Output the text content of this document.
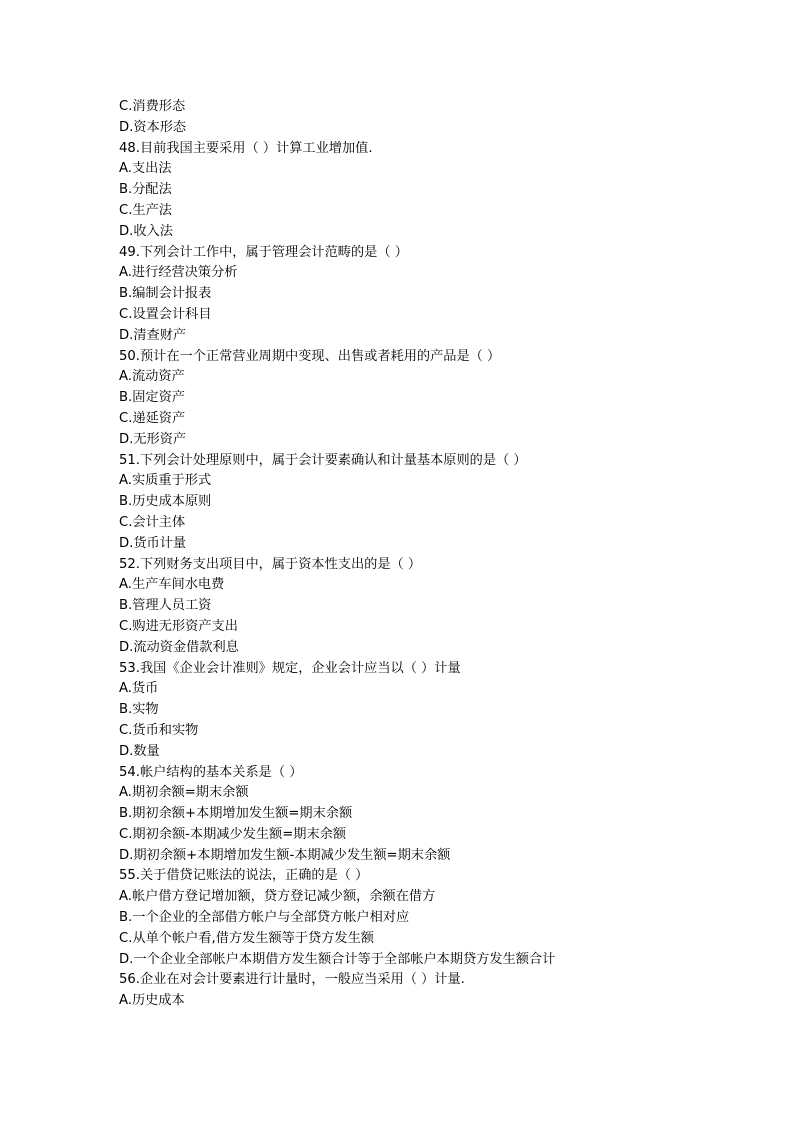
C.消费形态
D.资本形态
48.目前我国主要采用（ ）计算工业增加值.
A.支出法
B.分配法
C.生产法
D.收入法
49.下列会计工作中，属于管理会计范畴的是（ ）
A.进行经营决策分析
B.编制会计报表
C.设置会计科目
D.清查财产
50.预计在一个正常营业周期中变现、出售或者耗用的产品是（ ）
A.流动资产
B.固定资产
C.递延资产
D.无形资产
51.下列会计处理原则中，属于会计要素确认和计量基本原则的是（ ）
A.实质重于形式
B.历史成本原则
C.会计主体
D.货币计量
52.下列财务支出项目中，属于资本性支出的是（ ）
A.生产车间水电费
B.管理人员工资
C.购进无形资产支出
D.流动资金借款利息
53.我国《企业会计准则》规定，企业会计应当以（ ）计量
A.货币
B.实物
C.货币和实物
D.数量
54.帐户结构的基本关系是（ ）
A.期初余额=期末余额
B.期初余额+本期增加发生额=期末余额
C.期初余额-本期减少发生额=期末余额
D.期初余额+本期增加发生额-本期减少发生额=期末余额
55.关于借贷记账法的说法，正确的是（ ）
A.帐户借方登记增加额，贷方登记减少额，余额在借方
B.一个企业的全部借方帐户与全部贷方帐户相对应
C.从单个帐户看,借方发生额等于贷方发生额
D.一个企业全部帐户本期借方发生额合计等于全部帐户本期贷方发生额合计
56.企业在对会计要素进行计量时，一般应当采用（ ）计量.
A.历史成本
